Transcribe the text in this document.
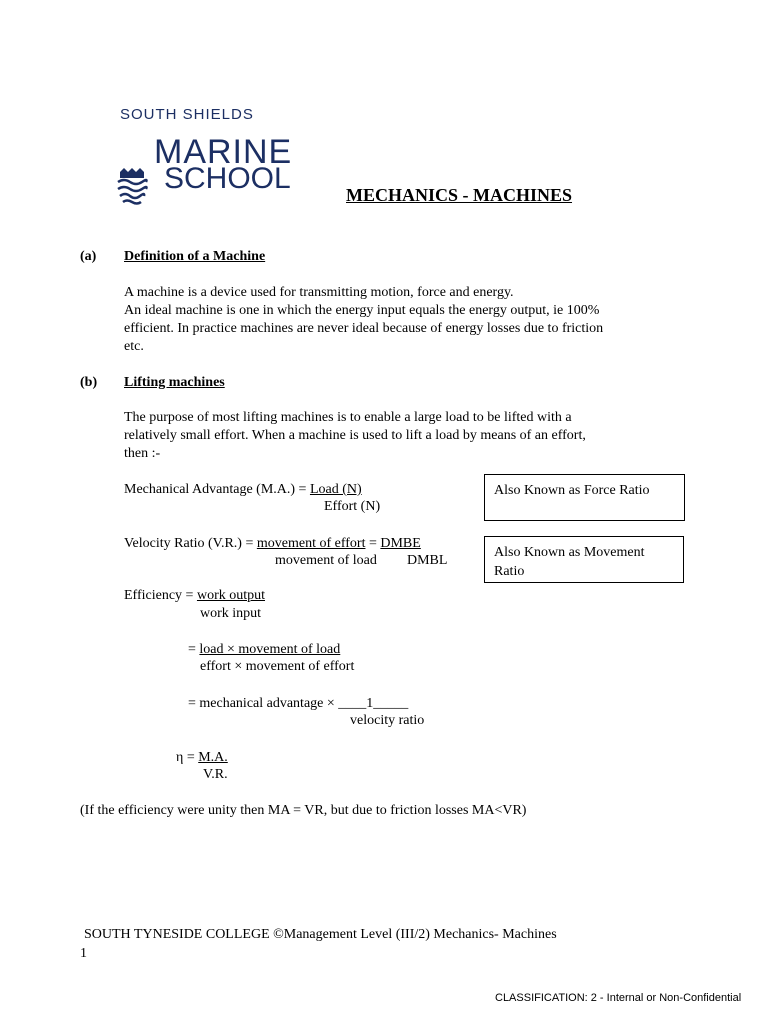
SOUTH SHIELDS
MARINE
SCHOOL	MECHANICS - MACHINES
(a) Definition of a Machine
A machine is a device used for transmitting motion, force and energy.
An ideal machine is one in which the energy input equals the energy output, ie 100%
efficient. In practice machines are never ideal because of energy losses due to friction
etc.
(b) Lifting machines
The purpose of most lifting machines is to enable a large load to be lifted with a
relatively small effort. When a machine is used to lift a load by means of an effort,
then :-
Mechanical Advantage (M.A.) = Load (N)
Effort (N)
Velocity Ratio (V.R.) = movement of effort = DMBE
movement of load DMBL
Also Known as Force Ratio
Also Known as Movement Ratio
Efficiency = work output
work input
= load × movement of load
effort × movement of effort
= mechanical advantage × ____1_____
velocity ratio
η = M.A.
V.R.
(If the efficiency were unity then MA = VR, but due to friction losses MA<VR)
SOUTH TYNESIDE COLLEGE ©Management Level (III/2) Mechanics- Machines
1
CLASSIFICATION: 2 - Internal or Non-Confidential
